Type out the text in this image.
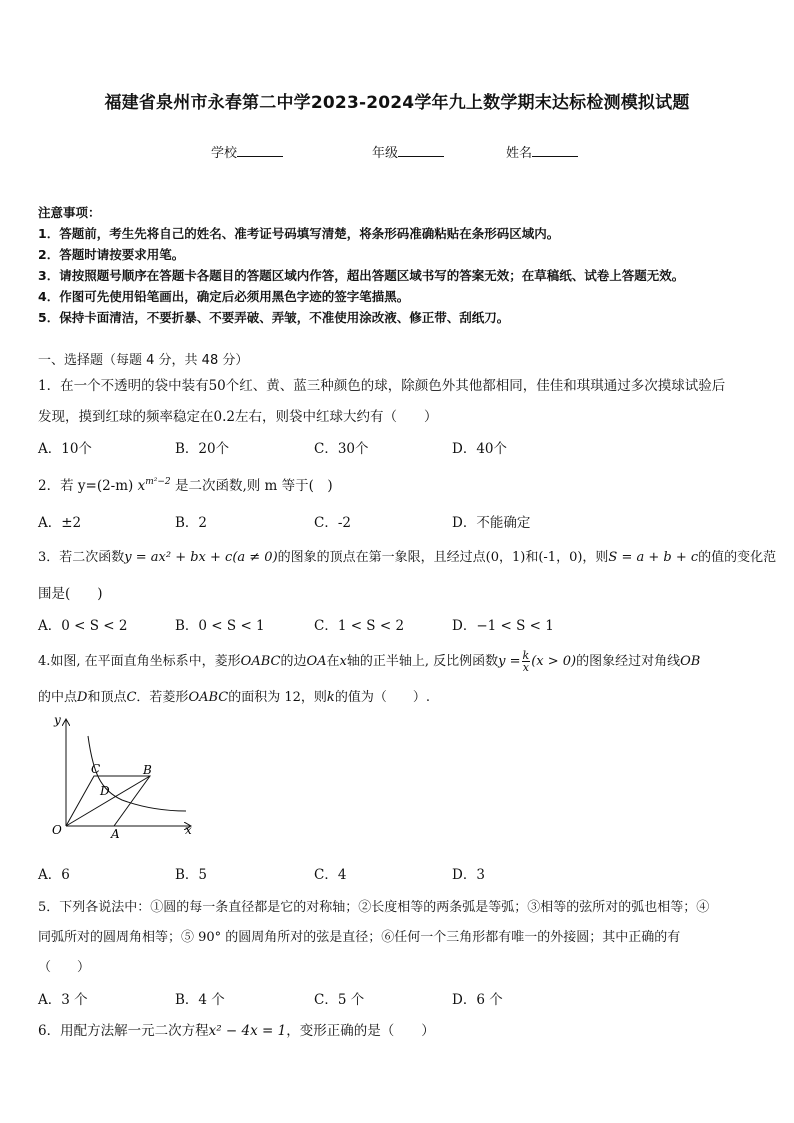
福建省泉州市永春第二中学2023-2024学年九上数学期末达标检测模拟试题
学校	年级	姓名
注意事项：
1．答题前，考生先将自己的姓名、准考证号码填写清楚，将条形码准确粘贴在条形码区域内。
2．答题时请按要求用笔。
3．请按照题号顺序在答题卡各题目的答题区域内作答，超出答题区域书写的答案无效；在草稿纸、试卷上答题无效。
4．作图可先使用铅笔画出，确定后必须用黑色字迹的签字笔描黑。
5．保持卡面清洁，不要折暴、不要弄破、弄皱，不准使用涂改液、修正带、刮纸刀。
一、选择题（每题 4 分，共 48 分）
1．在一个不透明的袋中装有50个红、黄、蓝三种颜色的球，除颜色外其他都相同，佳佳和琪琪通过多次摸球试验后
发现，摸到红球的频率稳定在0.2左右，则袋中红球大约有（　　）
A．10个	B．20个	C．30个	D．40个
2．若 y=(2-m) $x^{m^2-2}$ 是二次函数,则 m 等于(　)
A．±2	B．2	C．-2	D．不能确定
3．若二次函数y = ax² + bx + c(a ≠ 0)的图象的顶点在第一象限，且经过点(0，1)和(-1，0)，则S = a + b + c的值的变化范
围是(　　)
A．0 < S < 2	B．0 < S < 1	C．1 < S < 2	D．−1 < S < 1
4.如图, 在平面直角坐标系中，菱形OABC的边OA在x轴的正半轴上, 反比例函数$y = \frac{k}{x} (x > 0)$的图象经过对角线OB
的中点D和顶点C．若菱形OABC的面积为 12，则k的值为（　　）.
y
x
O	A
B
C
D
A．6	B．5	C．4	D．3
5．下列各说法中：①圆的每一条直径都是它的对称轴；②长度相等的两条弧是等弧；③相等的弦所对的弧也相等；④
同弧所对的圆周角相等；⑤ 90° 的圆周角所对的弦是直径；⑥任何一个三角形都有唯一的外接圆；其中正确的有
（　　）
A．3 个	B．4 个	C．5 个	D．6 个
6．用配方法解一元二次方程x² − 4x = 1，变形正确的是（　　）
